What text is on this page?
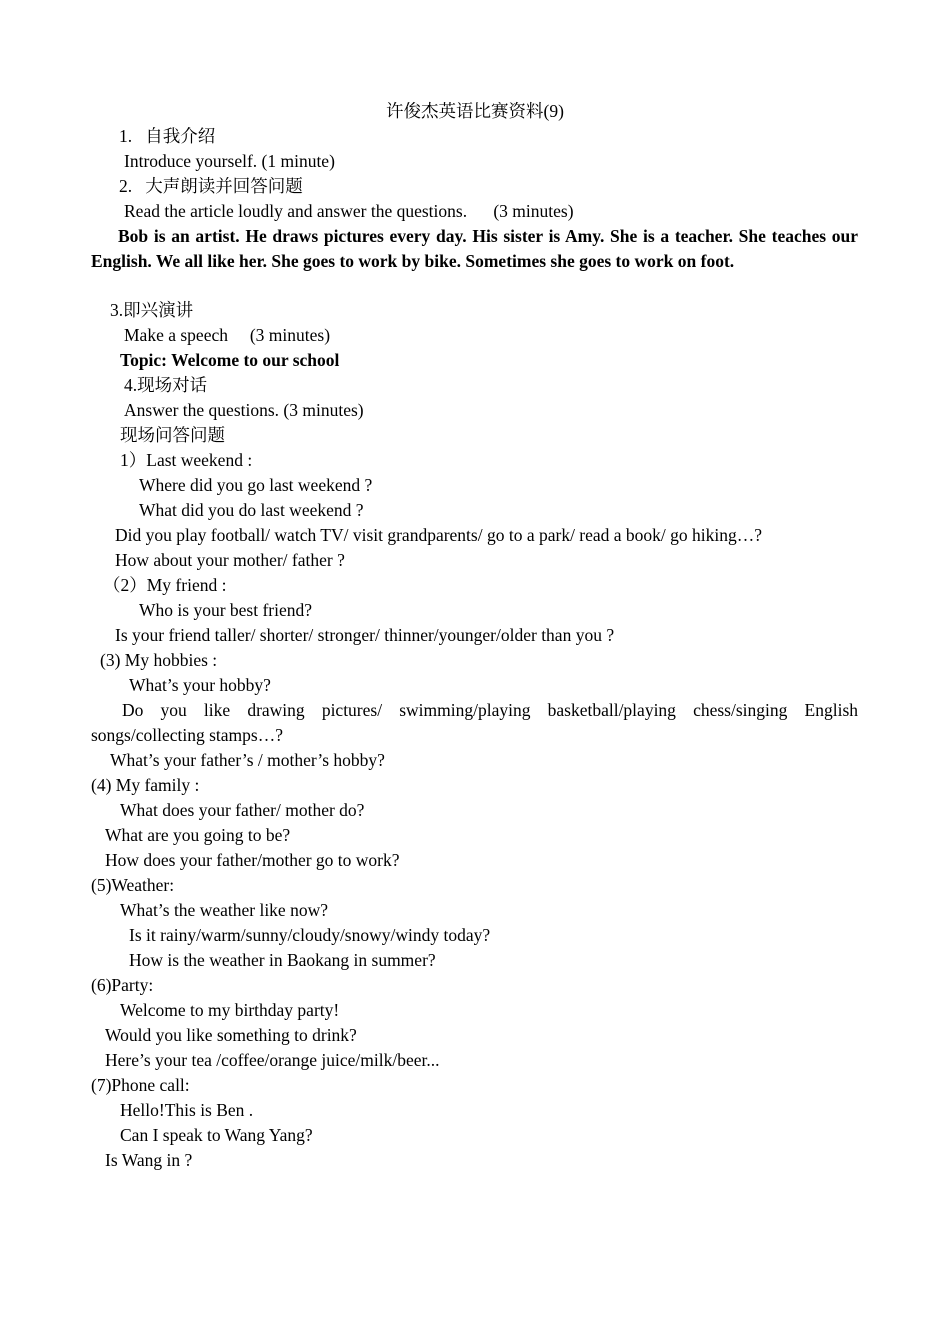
许俊杰英语比赛资料(9)
1. 自我介绍
Introduce yourself. (1 minute)
2. 大声朗读并回答问题
Read the article loudly and answer the questions. (3 minutes)
Bob is an artist. He draws pictures every day. His sister is Amy. She is a teacher. She teaches our English. We all like her. She goes to work by bike. Sometimes she goes to work on foot.
3.即兴演讲
Make a speech (3 minutes)
Topic: Welcome to our school
4.现场对话
Answer the questions. (3 minutes)
现场问答问题
1）Last weekend :
Where did you go last weekend ?
What did you do last weekend ?
Did you play football/ watch TV/ visit grandparents/ go to a park/ read a book/ go hiking…?
How about your mother/ father ?
（2）My friend :
Who is your best friend?
Is your friend taller/ shorter/ stronger/ thinner/younger/older than you ?
(3) My hobbies :
What’s your hobby?
Do you like drawing pictures/ swimming/playing basketball/playing chess/singing English songs/collecting stamps…?
What’s your father’s / mother’s hobby?
(4) My family :
What does your father/ mother do?
What are you going to be?
How does your father/mother go to work?
(5)Weather:
What’s the weather like now?
Is it rainy/warm/sunny/cloudy/snowy/windy today?
How is the weather in Baokang in summer?
(6)Party:
Welcome to my birthday party!
Would you like something to drink?
Here’s your tea /coffee/orange juice/milk/beer...
(7)Phone call:
Hello!This is Ben .
Can I speak to Wang Yang?
Is Wang in ?
